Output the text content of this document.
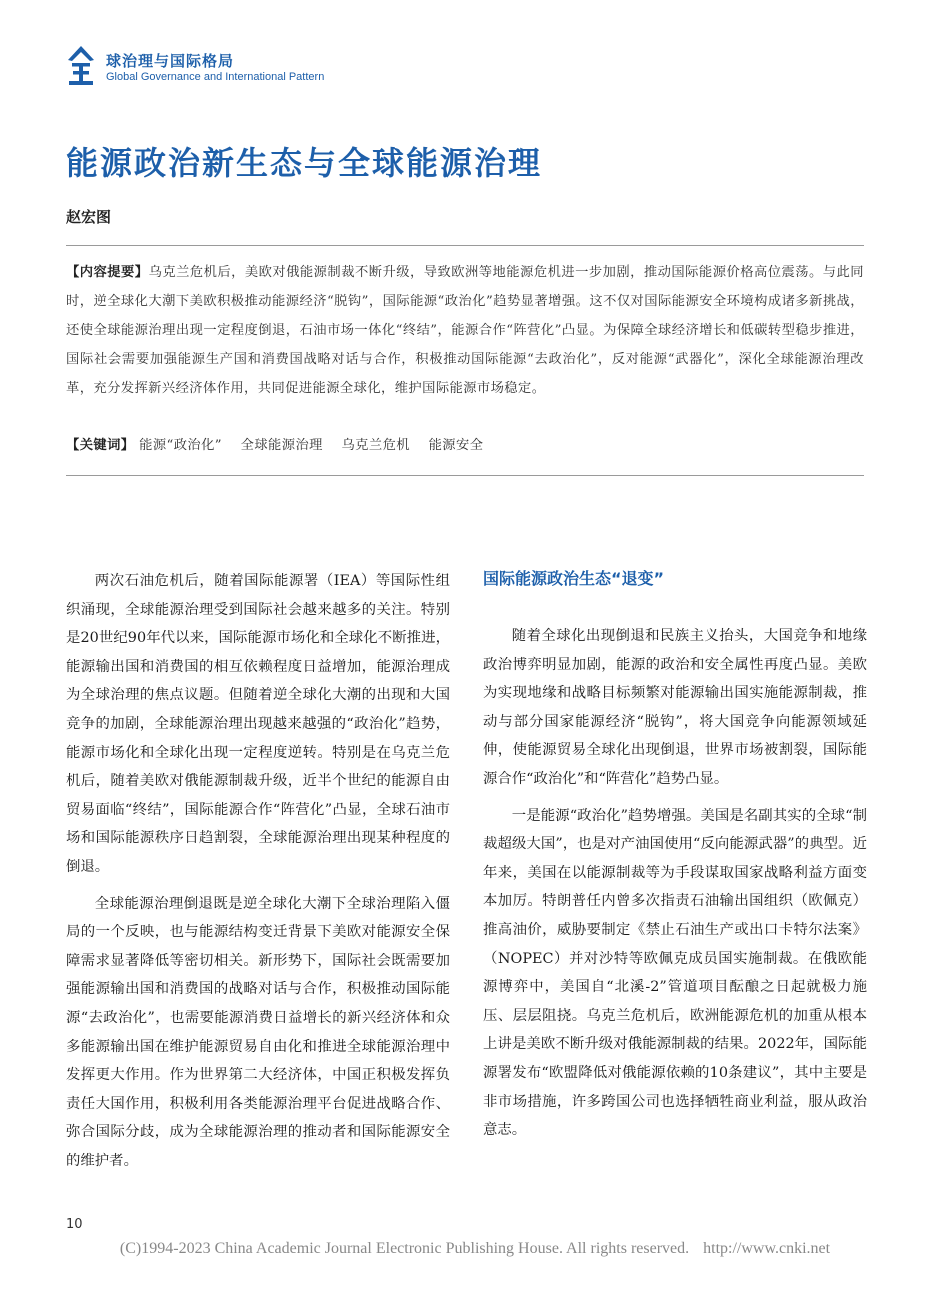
球治理与国际格局
Global Governance and International Pattern
能源政治新生态与全球能源治理
赵宏图
【内容提要】乌克兰危机后，美欧对俄能源制裁不断升级，导致欧洲等地能源危机进一步加剧，推动国际能源价格高位震荡。与此同时，逆全球化大潮下美欧积极推动能源经济“脱钩”，国际能源“政治化”趋势显著增强。这不仅对国际能源安全环境构成诸多新挑战，还使全球能源治理出现一定程度倒退，石油市场一体化“终结”，能源合作“阵营化”凸显。为保障全球经济增长和低碳转型稳步推进，国际社会需要加强能源生产国和消费国战略对话与合作，积极推动国际能源“去政治化”，反对能源“武器化”，深化全球能源治理改革，充分发挥新兴经济体作用，共同促进能源全球化，维护国际能源市场稳定。
【关键词】 能源“政治化” 全球能源治理 乌克兰危机 能源安全

两次石油危机后，随着国际能源署（IEA）等国际性组织涌现，全球能源治理受到国际社会越来越多的关注。特别是20世纪90年代以来，国际能源市场化和全球化不断推进，能源输出国和消费国的相互依赖程度日益增加，能源治理成为全球治理的焦点议题。但随着逆全球化大潮的出现和大国竞争的加剧，全球能源治理出现越来越强的“政治化”趋势，能源市场化和全球化出现一定程度逆转。特别是在乌克兰危机后，随着美欧对俄能源制裁升级，近半个世纪的能源自由贸易面临“终结”，国际能源合作“阵营化”凸显，全球石油市场和国际能源秩序日趋割裂，全球能源治理出现某种程度的倒退。

全球能源治理倒退既是逆全球化大潮下全球治理陷入僵局的一个反映，也与能源结构变迁背景下美欧对能源安全保障需求显著降低等密切相关。新形势下，国际社会既需要加强能源输出国和消费国的战略对话与合作，积极推动国际能源“去政治化”，也需要能源消费日益增长的新兴经济体和众多能源输出国在维护能源贸易自由化和推进全球能源治理中发挥更大作用。作为世界第二大经济体，中国正积极发挥负责任大国作用，积极利用各类能源治理平台促进战略合作、弥合国际分歧，成为全球能源治理的推动者和国际能源安全的维护者。

国际能源政治生态“退变”

随着全球化出现倒退和民族主义抬头，大国竞争和地缘政治博弈明显加剧，能源的政治和安全属性再度凸显。美欧为实现地缘和战略目标频繁对能源输出国实施能源制裁，推动与部分国家能源经济“脱钩”，将大国竞争向能源领域延伸，使能源贸易全球化出现倒退，世界市场被割裂，国际能源合作“政治化”和“阵营化”趋势凸显。

一是能源“政治化”趋势增强。美国是名副其实的全球“制裁超级大国”，也是对产油国使用“反向能源武器”的典型。近年来，美国在以能源制裁等为手段谋取国家战略利益方面变本加厉。特朗普任内曾多次指责石油输出国组织（欧佩克）推高油价，威胁要制定《禁止石油生产或出口卡特尔法案》（NOPEC）并对沙特等欧佩克成员国实施制裁。在俄欧能源博弈中，美国自“北溪-2”管道项目酝酿之日起就极力施压、层层阻挠。乌克兰危机后，欧洲能源危机的加重从根本上讲是美欧不断升级对俄能源制裁的结果。2022年，国际能源署发布“欧盟降低对俄能源依赖的10条建议”，其中主要是非市场措施，许多跨国公司也选择牺牲商业利益，服从政治意志。

10
(C)1994-2023 China Academic Journal Electronic Publishing House. All rights reserved. http://www.cnki.net
